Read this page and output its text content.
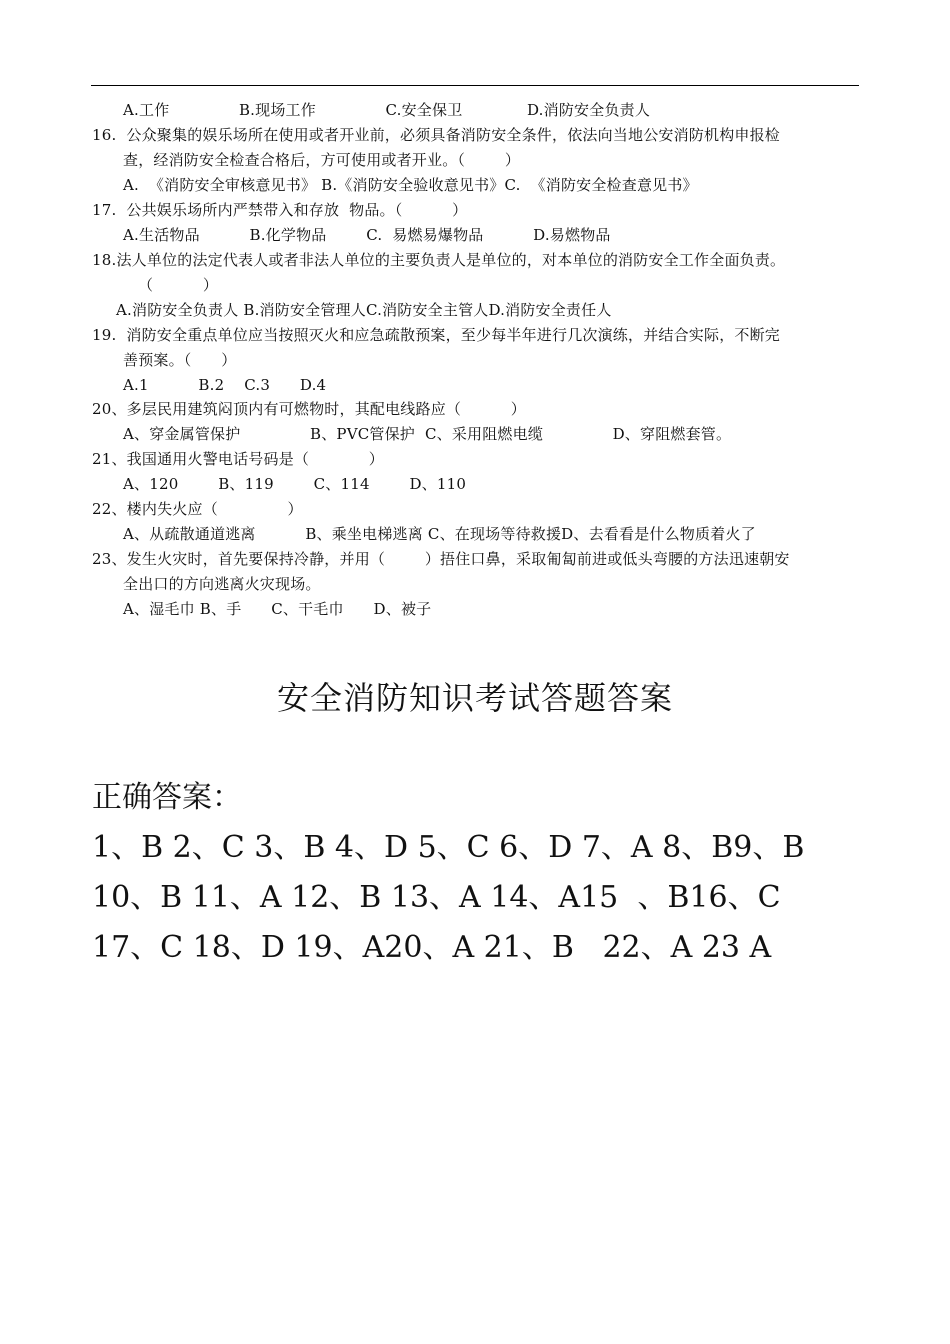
A.工作              B.现场工作              C.安全保卫             D.消防安全负责人
16.  公众聚集的娱乐场所在使用或者开业前，必须具备消防安全条件，依法向当地公安消防机构申报检
查，经消防安全检查合格后，方可使用或者开业。（        ）
A.  《消防安全审核意见书》 B.《消防安全验收意见书》C.  《消防安全检查意见书》
17.  公共娱乐场所内严禁带入和存放  物品。（          ）
A.生活物品          B.化学物品        C.  易燃易爆物品          D.易燃物品
18.法人单位的法定代表人或者非法人单位的主要负责人是单位的，对本单位的消防安全工作全面负责。
（          ）
A.消防安全负责人 B.消防安全管理人C.消防安全主管人D.消防安全责任人
19.  消防安全重点单位应当按照灭火和应急疏散预案，至少每半年进行几次演练，并结合实际，不断完
善预案。（      ）
A.1          B.2    C.3      D.4
20、多层民用建筑闷顶内有可燃物时，其配电线路应（          ）
A、穿金属管保护              B、PVC管保护  C、采用阻燃电缆              D、穿阻燃套管。
21、我国通用火警电话号码是（            ）
A、120        B、119        C、114        D、110
22、楼内失火应（              ）
A、从疏散通道逃离          B、乘坐电梯逃离 C、在现场等待救援D、去看看是什么物质着火了
23、发生火灾时，首先要保持冷静，并用（        ）捂住口鼻，采取匍匐前进或低头弯腰的方法迅速朝安
全出口的方向逃离火灾现场。
A、湿毛巾 B、手      C、干毛巾      D、被子
安全消防知识考试答题答案
正确答案：
1、B 2、C 3、B 4、D 5、C 6、D 7、A 8、B9、B
10、B 11、A 12、B 13、A 14、A15  、B16、C
17、C 18、D 19、A20、A 21、B   22、A 23 A
